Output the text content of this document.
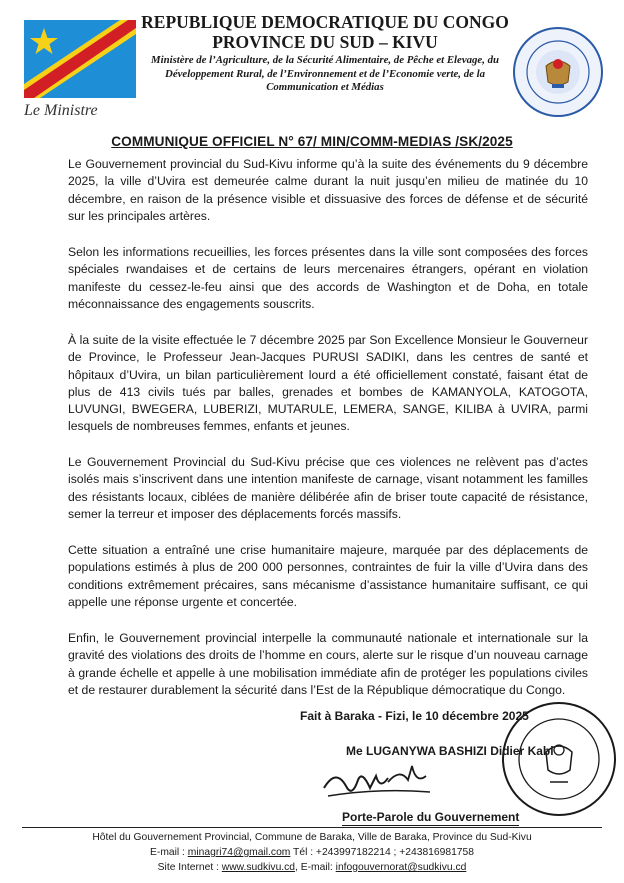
REPUBLIQUE DEMOCRATIQUE DU CONGO
PROVINCE DU SUD – KIVU
Ministère de l’Agriculture, de la Sécurité Alimentaire, de Pêche et Elevage, du Développement Rural, de l’Environnement et de l’Economie verte, de la Communication et Médias
Le Ministre
COMMUNIQUE OFFICIEL N° 67/ MIN/COMM-MEDIAS /SK/2025

Le Gouvernement provincial du Sud-Kivu informe qu’à la suite des événements du 9 décembre 2025, la ville d’Uvira est demeurée calme durant la nuit jusqu’en milieu de matinée du 10 décembre, en raison de la présence visible et dissuasive des forces de défense et de sécurité sur les principales artères.

Selon les informations recueillies, les forces présentes dans la ville sont composées des forces spéciales rwandaises et de certains de leurs mercenaires étrangers, opérant en violation manifeste du cessez-le-feu ainsi que des accords de Washington et de Doha, en totale méconnaissance des engagements souscrits.

À la suite de la visite effectuée le 7 décembre 2025 par Son Excellence Monsieur le Gouverneur de Province, le Professeur Jean-Jacques PURUSI SADIKI, dans les centres de santé et hôpitaux d’Uvira, un bilan particulièrement lourd a été officiellement constaté, faisant état de plus de 413 civils tués par balles, grenades et bombes de KAMANYOLA, KATOGOTA, LUVUNGI, BWEGERA, LUBERIZI, MUTARULE, LEMERA, SANGE, KILIBA à UVIRA, parmi lesquels de nombreuses femmes, enfants et jeunes.

Le Gouvernement Provincial du Sud-Kivu précise que ces violences ne relèvent pas d’actes isolés mais s’inscrivent dans une intention manifeste de carnage, visant notamment les familles des résistants locaux, ciblées de manière délibérée afin de briser toute capacité de résistance, semer la terreur et imposer des déplacements forcés massifs.

Cette situation a entraîné une crise humanitaire majeure, marquée par des déplacements de populations estimés à plus de 200 000 personnes, contraintes de fuir la ville d’Uvira dans des conditions extrêmement précaires, sans mécanisme d’assistance humanitaire suffisant, ce qui appelle une réponse urgente et concertée.

Enfin, le Gouvernement provincial interpelle la communauté nationale et internationale sur la gravité des violations des droits de l’homme en cours, alerte sur le risque d’un nouveau carnage à grande échelle et appelle à une mobilisation immédiate afin de protéger les populations civiles et de restaurer durablement la sécurité dans l’Est de la République démocratique du Congo.

Fait à Baraka - Fizi, le 10 décembre 2025
Me LUGANYWA BASHIZI Didier Kabi
Porte-Parole du Gouvernement
Hôtel du Gouvernement Provincial, Commune de Baraka, Ville de Baraka, Province du Sud-Kivu
E-mail : minagri74@gmail.com Tél : +243997182214 ; +243816981758
Site Internet : www.sudkivu.cd, E-mail: infogouvernorat@sudkivu.cd
